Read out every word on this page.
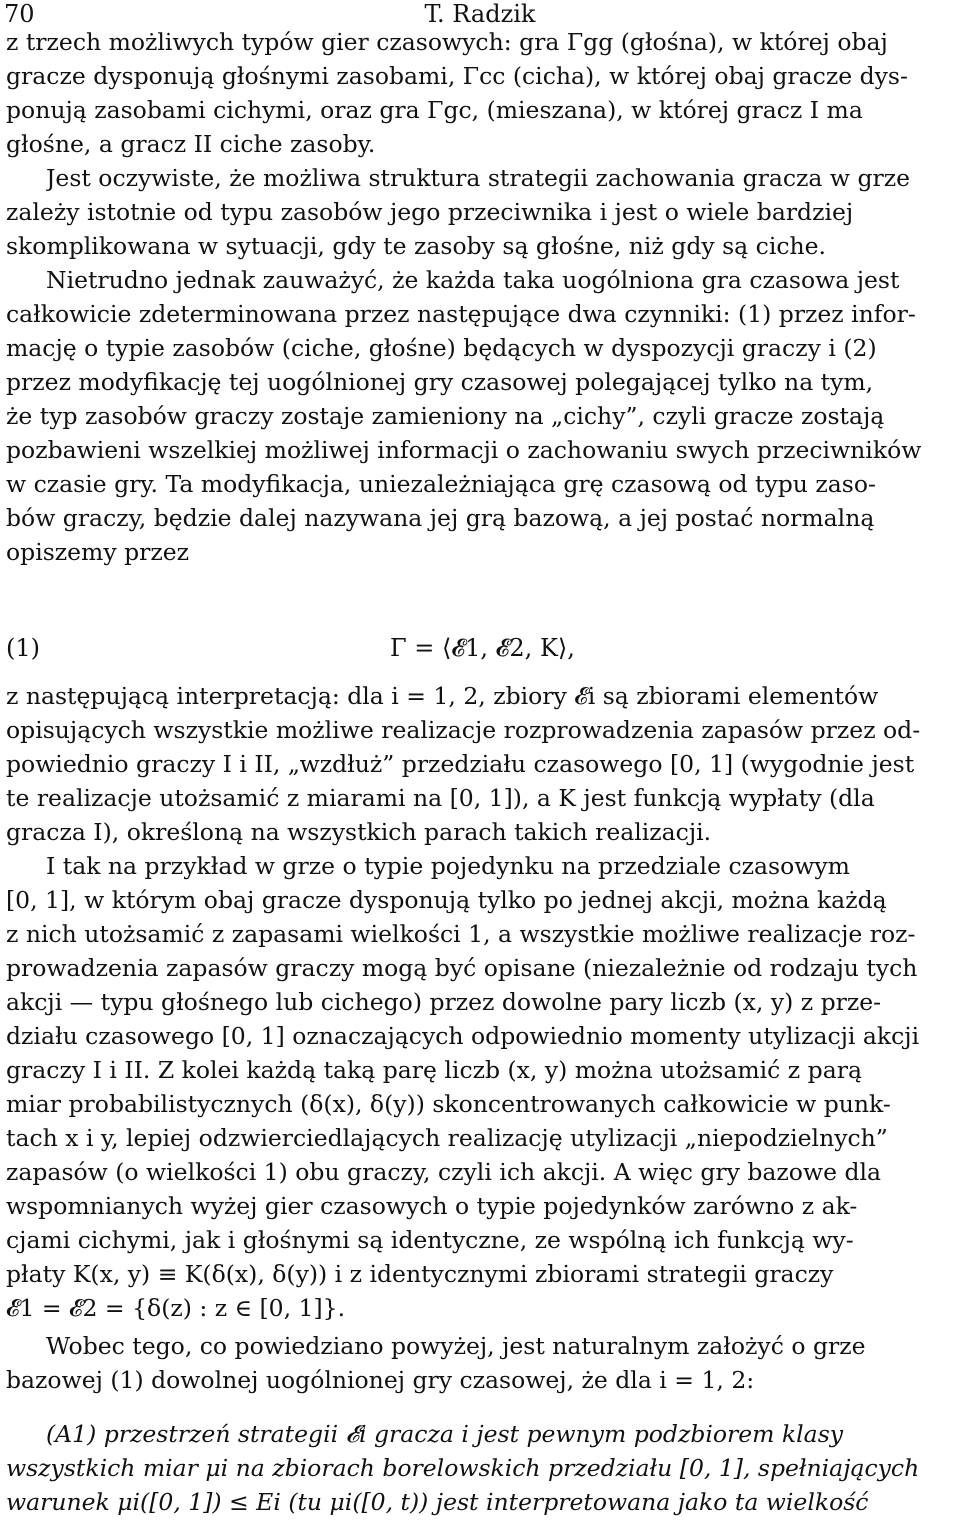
70	T. Radzik
z trzech możliwych typów gier czasowych: gra Γgg (głośna), w której obaj
gracze dysponują głośnymi zasobami, Γcc (cicha), w której obaj gracze dys-
ponują zasobami cichymi, oraz gra Γgc, (mieszana), w której gracz I ma
głośne, a gracz II ciche zasoby.
Jest oczywiste, że możliwa struktura strategii zachowania gracza w grze
zależy istotnie od typu zasobów jego przeciwnika i jest o wiele bardziej
skomplikowana w sytuacji, gdy te zasoby są głośne, niż gdy są ciche.
Nietrudno jednak zauważyć, że każda taka uogólniona gra czasowa jest
całkowicie zdeterminowana przez następujące dwa czynniki: (1) przez infor-
mację o typie zasobów (ciche, głośne) będących w dyspozycji graczy i (2)
przez modyfikację tej uogólnionej gry czasowej polegającej tylko na tym,
że typ zasobów graczy zostaje zamieniony na „cichy”, czyli gracze zostają
pozbawieni wszelkiej możliwej informacji o zachowaniu swych przeciwników
w czasie gry. Ta modyfikacja, uniezależniająca grę czasową od typu zaso-
bów graczy, będzie dalej nazywana jej grą bazową, a jej postać normalną
opiszemy przez
(1)	Γ = ⟨𝓔1, 𝓔2, K⟩,
z następującą interpretacją: dla i = 1, 2, zbiory 𝓔i są zbiorami elementów
opisujących wszystkie możliwe realizacje rozprowadzenia zapasów przez od-
powiednio graczy I i II, „wzdłuż” przedziału czasowego [0, 1] (wygodnie jest
te realizacje utożsamić z miarami na [0, 1]), a K jest funkcją wypłaty (dla
gracza I), określoną na wszystkich parach takich realizacji.
I tak na przykład w grze o typie pojedynku na przedziale czasowym
[0, 1], w którym obaj gracze dysponują tylko po jednej akcji, można każdą
z nich utożsamić z zapasami wielkości 1, a wszystkie możliwe realizacje roz-
prowadzenia zapasów graczy mogą być opisane (niezależnie od rodzaju tych
akcji — typu głośnego lub cichego) przez dowolne pary liczb (x, y) z prze-
działu czasowego [0, 1] oznaczających odpowiednio momenty utylizacji akcji
graczy I i II. Z kolei każdą taką parę liczb (x, y) można utożsamić z parą
miar probabilistycznych (δ(x), δ(y)) skoncentrowanych całkowicie w punk-
tach x i y, lepiej odzwierciedlających realizację utylizacji „niepodzielnych”
zapasów (o wielkości 1) obu graczy, czyli ich akcji. A więc gry bazowe dla
wspomnianych wyżej gier czasowych o typie pojedynków zarówno z ak-
cjami cichymi, jak i głośnymi są identyczne, ze wspólną ich funkcją wy-
płaty K(x, y) ≡ K(δ(x), δ(y)) i z identycznymi zbiorami strategii graczy
𝓔1 = 𝓔2 = {δ(z) : z ∈ [0, 1]}.
Wobec tego, co powiedziano powyżej, jest naturalnym założyć o grze
bazowej (1) dowolnej uogólnionej gry czasowej, że dla i = 1, 2:
(A1) przestrzeń strategii 𝓔i gracza i jest pewnym podzbiorem klasy
wszystkich miar μi na zbiorach borelowskich przedziału [0, 1], spełniających
warunek μi([0, 1]) ≤ Ei (tu μi([0, t)) jest interpretowana jako ta wielkość
